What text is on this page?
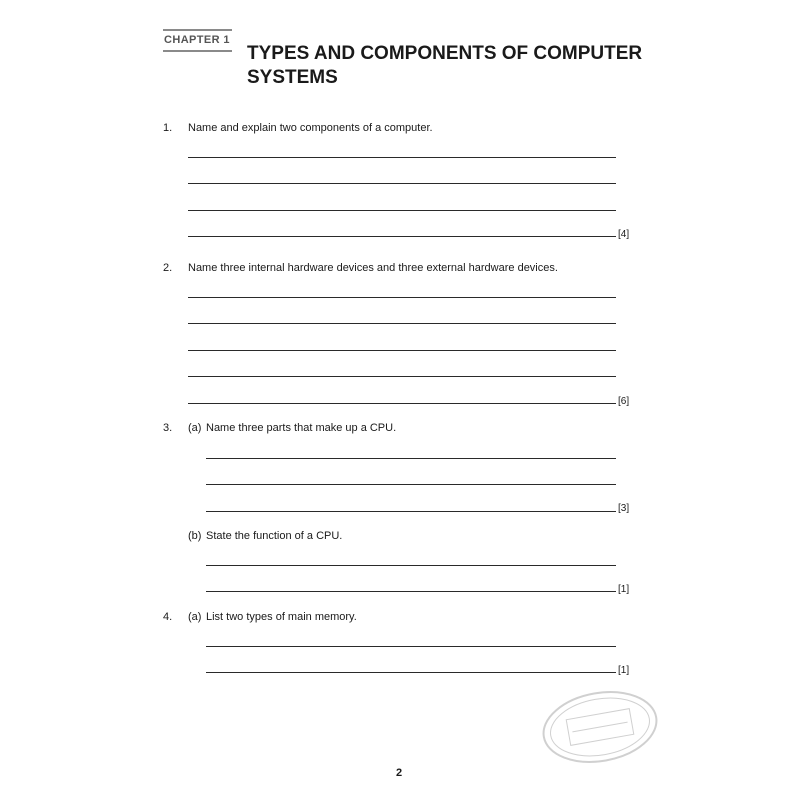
CHAPTER 1
TYPES AND COMPONENTS OF COMPUTER SYSTEMS
1. Name and explain two components of a computer.
[4]
2. Name three internal hardware devices and three external hardware devices.
[6]
3. (a) Name three parts that make up a CPU.
[3]
(b) State the function of a CPU.
[1]
4. (a) List two types of main memory.
[1]
2
